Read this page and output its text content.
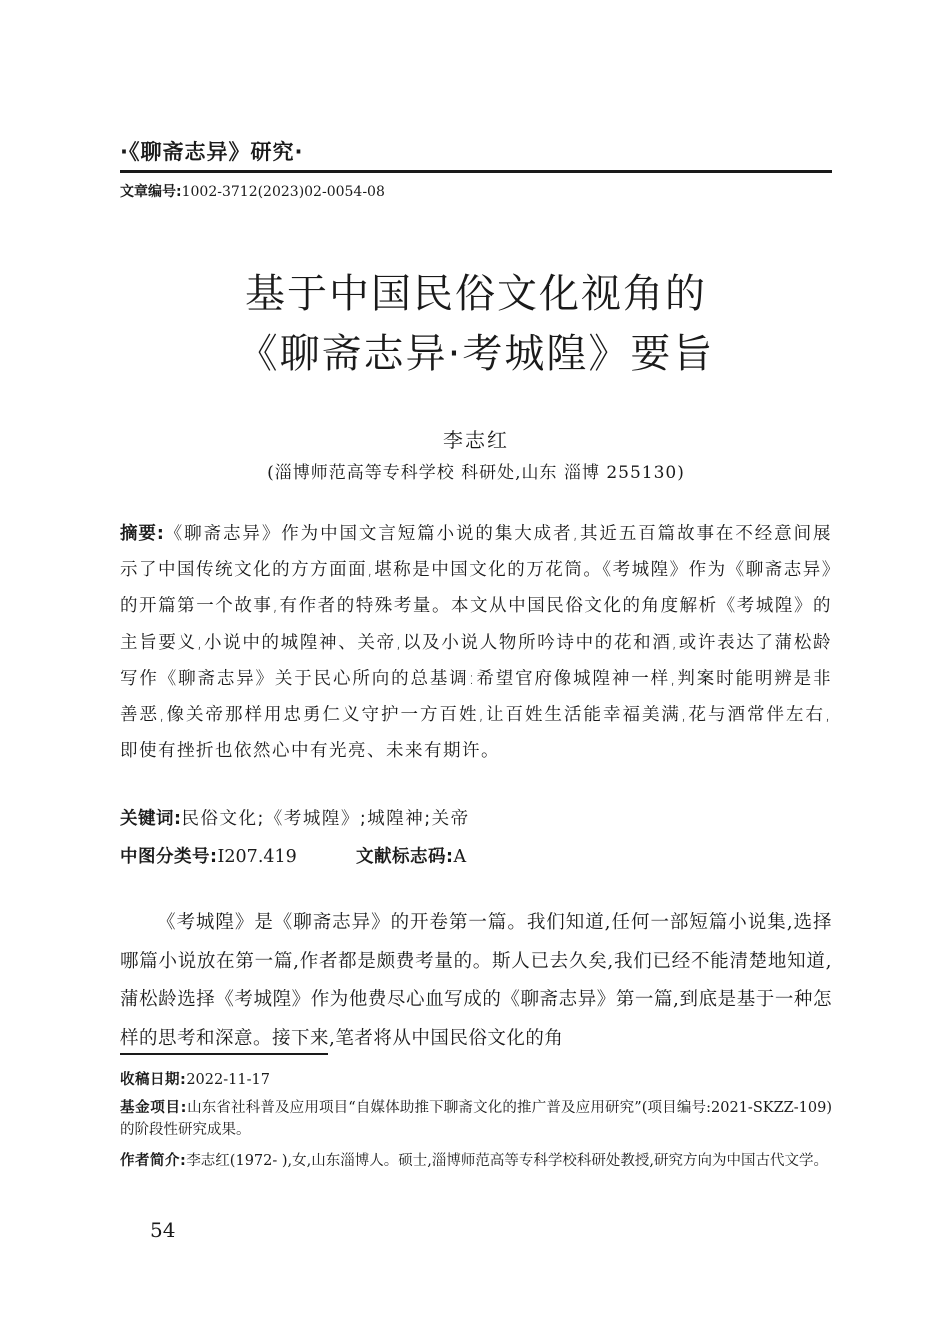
·《聊斋志异》研究·
文章编号:1002-3712(2023)02-0054-08
基于中国民俗文化视角的
《聊斋志异·考城隍》要旨
李志红
(淄博师范高等专科学校 科研处,山东 淄博 255130)
摘要:《聊斋志异》作为中国文言短篇小说的集大成者,其近五百篇故事在不经意间展示了中国传统文化的方方面面,堪称是中国文化的万花筒。《考城隍》作为《聊斋志异》的开篇第一个故事,有作者的特殊考量。本文从中国民俗文化的角度解析《考城隍》的主旨要义,小说中的城隍神、关帝,以及小说人物所吟诗中的花和酒,或许表达了蒲松龄写作《聊斋志异》关于民心所向的总基调:希望官府像城隍神一样,判案时能明辨是非善恶,像关帝那样用忠勇仁义守护一方百姓,让百姓生活能幸福美满,花与酒常伴左右,即使有挫折也依然心中有光亮、未来有期许。
关键词:民俗文化;《考城隍》;城隍神;关帝
中图分类号:I207.419	文献标志码:A
《考城隍》是《聊斋志异》的开卷第一篇。我们知道,任何一部短篇小说集,选择哪篇小说放在第一篇,作者都是颇费考量的。斯人已去久矣,我们已经不能清楚地知道,蒲松龄选择《考城隍》作为他费尽心血写成的《聊斋志异》第一篇,到底是基于一种怎样的思考和深意。接下来,笔者将从中国民俗文化的角
收稿日期:2022-11-17
基金项目:山东省社科普及应用项目“自媒体助推下聊斋文化的推广普及应用研究”(项目编号:2021-SKZZ-109)的阶段性研究成果。
作者简介:李志红(1972- ),女,山东淄博人。硕士,淄博师范高等专科学校科研处教授,研究方向为中国古代文学。
54
